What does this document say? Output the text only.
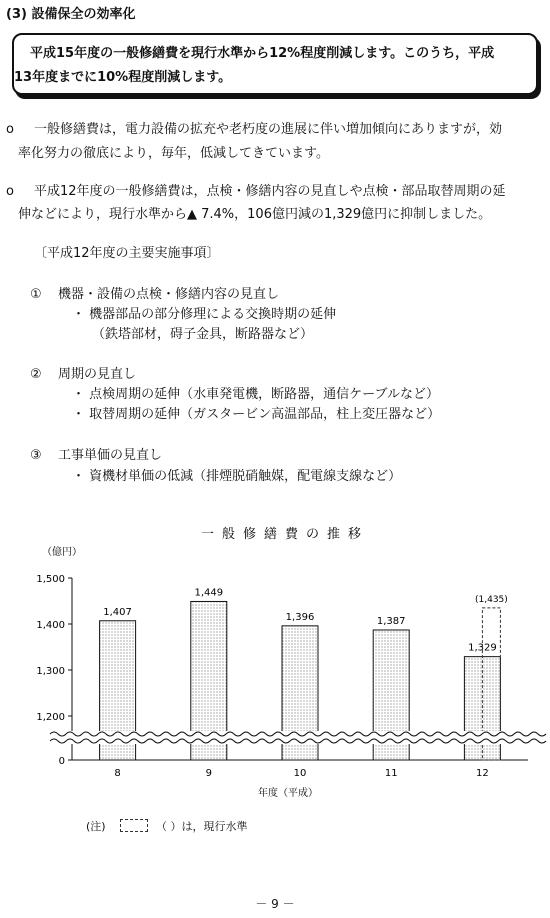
(3) 設備保全の効率化
平成15年度の一般修繕費を現行水準から12%程度削減します。このうち，平成
13年度までに10%程度削減します。
o 一般修繕費は，電力設備の拡充や老朽度の進展に伴い増加傾向にありますが，効
率化努力の徹底により，毎年，低減してきています。
o 平成12年度の一般修繕費は，点検・修繕内容の見直しや点検・部品取替周期の延
伸などにより，現行水準から▲ 7.4%，106億円減の1,329億円に抑制しました。
〔平成12年度の主要実施事項〕
① 機器・設備の点検・修繕内容の見直し
・ 機器部品の部分修理による交換時期の延伸
（鉄塔部材，碍子金具，断路器など）
② 周期の見直し
・ 点検周期の延伸（水車発電機，断路器，通信ケーブルなど）
・ 取替周期の延伸（ガスタービン高温部品，柱上変圧器など）
③ 工事単価の見直し
・ 資機材単価の低減（排煙脱硝触媒，配電線支線など）
一般修繕費の推移
（億円）
1,500
1,400
1,300
1,200
0
1,407
8
1,449
9
1,396
10
1,387
11
1,329
12
(1,435)
年度（平成）
(注)	（ ）は，現行水準
－ 9 －
